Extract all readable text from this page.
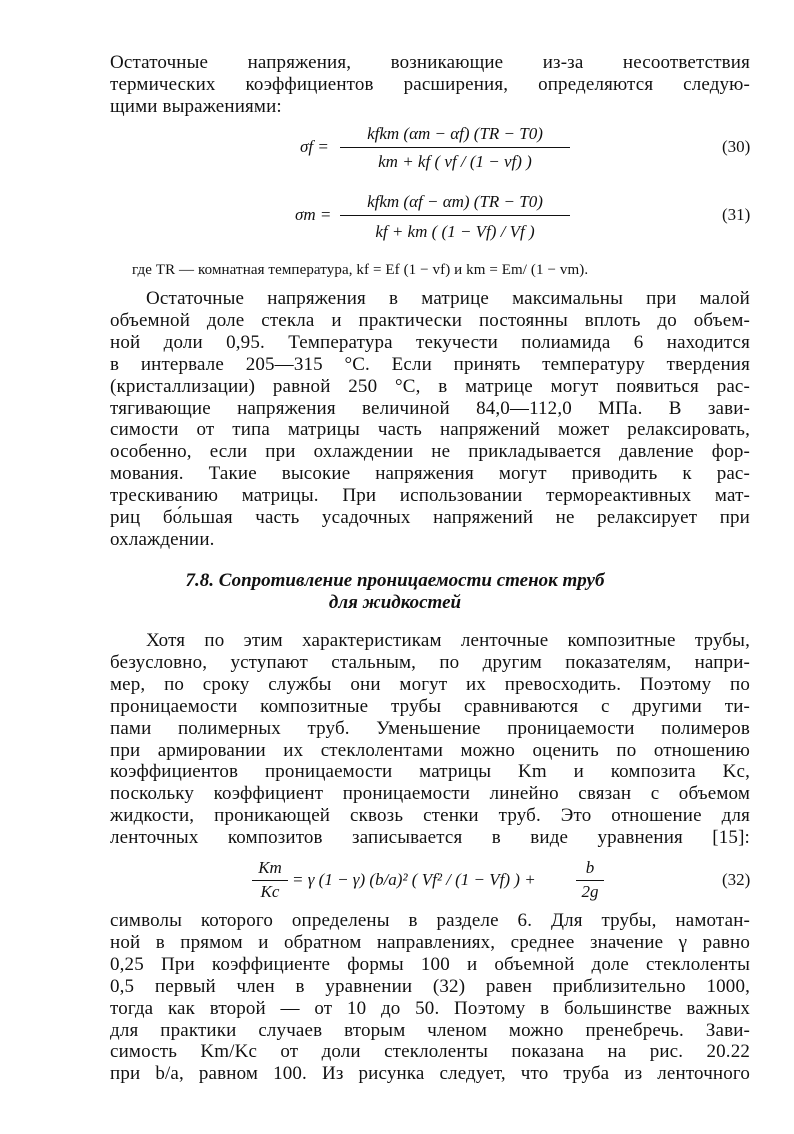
Остаточные напряжения, возникающие из-за несоответствия
термических коэффициентов расширения, определяются следую-
щими выражениями:
σf =
kfkm (αm − αf) (TR − T0)
km + kf ( vf / (1 − vf) )
(30)
σm =
kfkm (αf − αm) (TR − T0)
kf + km ( (1 − Vf) / Vf )
(31)
где TR — комнатная температура, kf = Ef (1 − vf) и km = Em/ (1 − vm).
Остаточные напряжения в матрице максимальны при малой
объемной доле стекла и практически постоянны вплоть до объем-
ной доли 0,95. Температура текучести полиамида 6 находится
в интервале 205—315 °C. Если принять температуру твердения
(кристаллизации) равной 250 °C, в матрице могут появиться рас-
тягивающие напряжения величиной 84,0—112,0 МПа. В зави-
симости от типа матрицы часть напряжений может релаксировать,
особенно, если при охлаждении не прикладывается давление фор-
мования. Такие высокие напряжения могут приводить к рас-
трескиванию матрицы. При использовании термореактивных мат-
риц бо́льшая часть усадочных напряжений не релаксирует при
охлаждении.
7.8. Сопротивление проницаемости стенок труб
для жидкостей
Хотя по этим характеристикам ленточные композитные трубы,
безусловно, уступают стальным, по другим показателям, напри-
мер, по сроку службы они могут их превосходить. Поэтому по
проницаемости композитные трубы сравниваются с другими ти-
пами полимерных труб. Уменьшение проницаемости полимеров
при армировании их стеклолентами можно оценить по отношению
коэффициентов проницаемости матрицы Km и композита Kc,
поскольку коэффициент проницаемости линейно связан с объемом
жидкости, проникающей сквозь стенки труб. Это отношение для
ленточных композитов записывается в виде уравнения [15]:
Km
Kc
= γ (1 − γ) (b/a)² ( Vf² / (1 − Vf) ) +
b
2g
(32)
символы которого определены в разделе 6. Для трубы, намотан-
ной в прямом и обратном направлениях, среднее значение γ равно
0,25 При коэффициенте формы 100 и объемной доле стеклоленты
0,5 первый член в уравнении (32) равен приблизительно 1000,
тогда как второй — от 10 до 50. Поэтому в большинстве важных
для практики случаев вторым членом можно пренебречь. Зави-
симость Km/Kc от доли стеклоленты показана на рис. 20.22
при b/a, равном 100. Из рисунка следует, что труба из ленточного
